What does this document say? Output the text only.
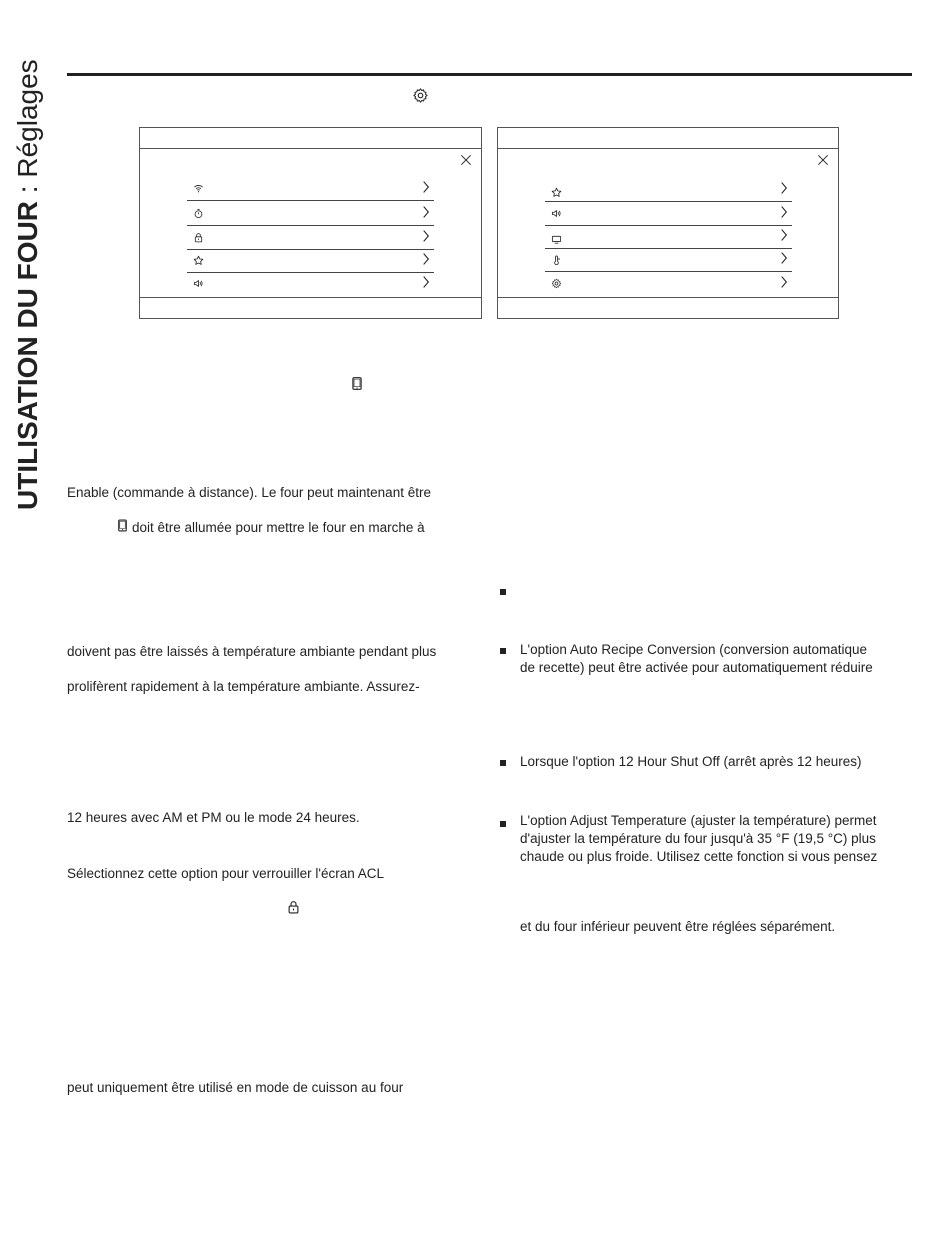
UTILISATION DU FOUR : Réglages
Enable (commande à distance). Le four peut maintenant être
doit être allumée pour mettre le four en marche à
doivent pas être laissés à température ambiante pendant plus
prolifèrent rapidement à la température ambiante. Assurez-
12 heures avec AM et PM ou le mode 24 heures.
Sélectionnez cette option pour verrouiller l'écran ACL
peut uniquement être utilisé en mode de cuisson au four
L'option Auto Recipe Conversion (conversion automatique
de recette) peut être activée pour automatiquement réduire
Lorsque l'option 12 Hour Shut Off (arrêt après 12 heures)
L'option Adjust Temperature (ajuster la température) permet
d'ajuster la température du four jusqu'à 35 °F (19,5 °C) plus
chaude ou plus froide. Utilisez cette fonction si vous pensez
et du four inférieur peuvent être réglées séparément.
